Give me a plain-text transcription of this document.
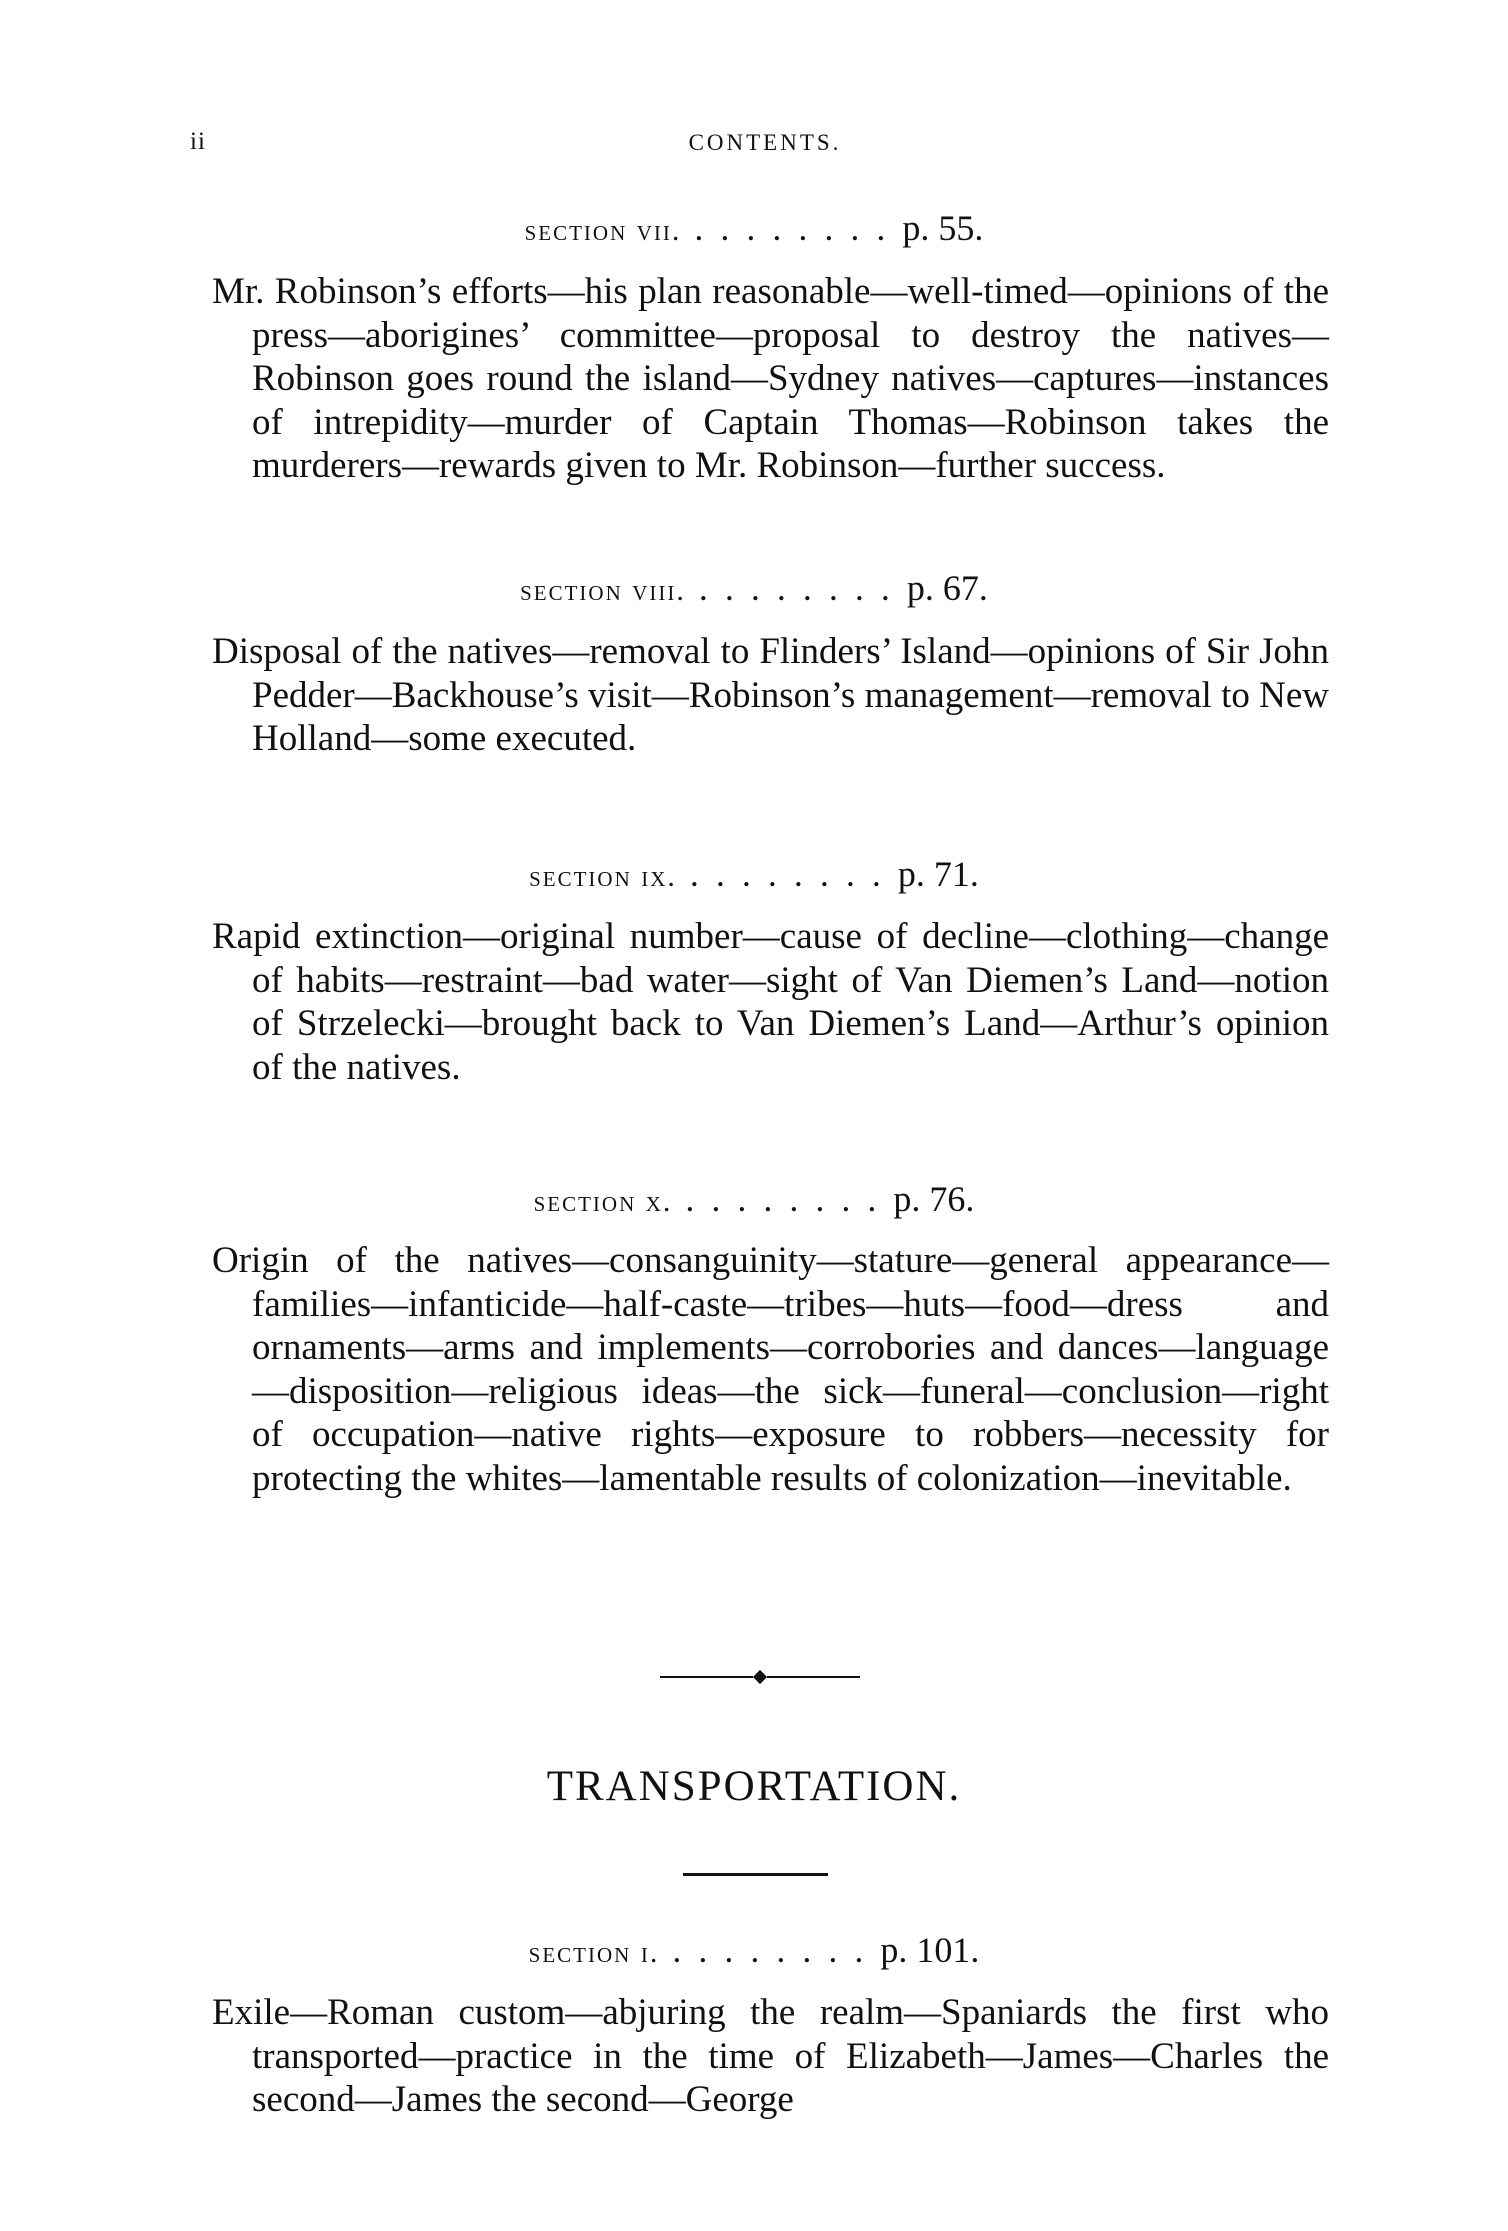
ii	CONTENTS.
section vii. . . . . . . . . p. 55.
Mr. Robinson’s efforts—his plan reasonable—well-timed—opinions of the press—aborigines’ committee—proposal to destroy the natives—Robinson goes round the island—Sydney natives—captures—instances of intrepidity—murder of Captain Thomas—Robinson takes the murderers—rewards given to Mr. Robinson—further success.
section viii. . . . . . . . . p. 67.
Disposal of the natives—removal to Flinders’ Island—opinions of Sir John Pedder—Backhouse’s visit—Robinson’s management—removal to New Holland—some executed.
section ix. . . . . . . . . p. 71.
Rapid extinction—original number—cause of decline—clothing—change of habits—restraint—bad water—sight of Van Diemen’s Land—notion of Strzelecki—brought back to Van Diemen’s Land—Arthur’s opinion of the natives.
section x. . . . . . . . . p. 76.
Origin of the natives—consanguinity—stature—general appearance—families—infanticide—half-caste—tribes—huts—food—dress and ornaments—arms and implements—corrobories and dances—language—disposition—religious ideas—the sick—funeral—conclusion—right of occupation—native rights—exposure to robbers—necessity for protecting the whites—lamentable results of colonization—inevitable.
TRANSPORTATION.
section i. . . . . . . . . p. 101.
Exile—Roman custom—abjuring the realm—Spaniards the first who transported—practice in the time of Elizabeth—James—Charles the second—James the second—George
